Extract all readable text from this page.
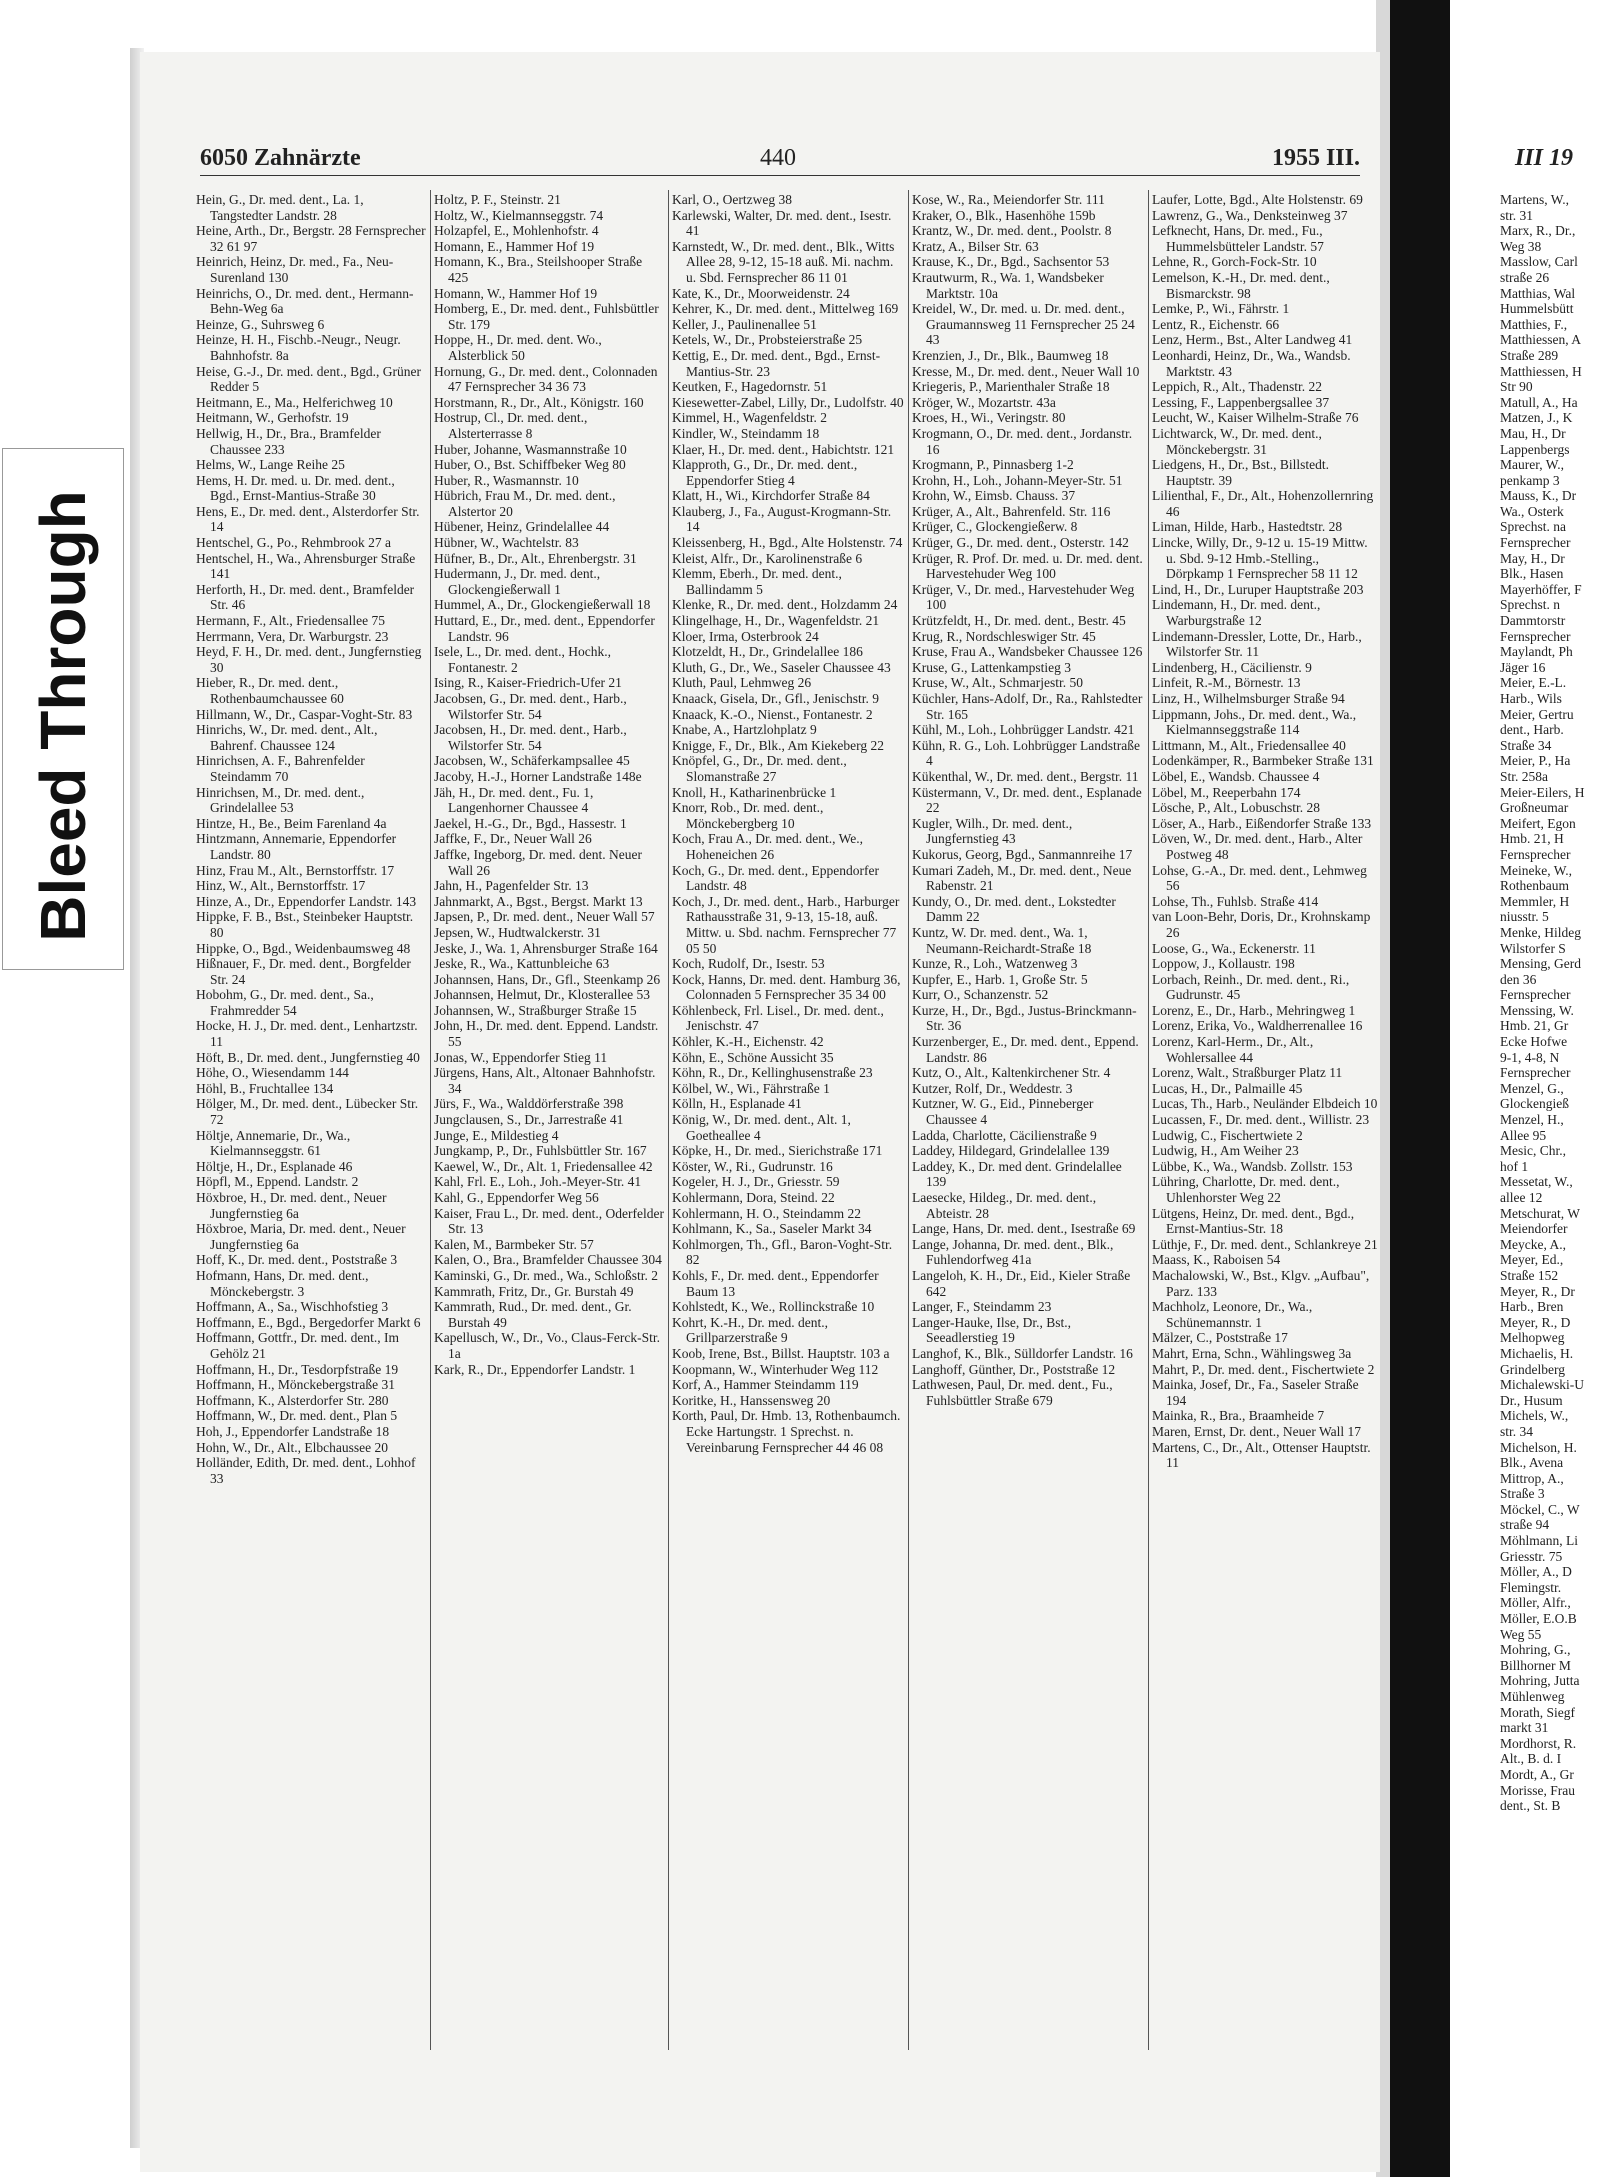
Bleed Through
6050 Zahnärzte	440	1955 III.	III 19

Hein, G., Dr. med. dent., La. 1, Tangstedter Landstr. 28

Heine, Arth., Dr., Bergstr. 28 Fernsprecher 32 61 97

Heinrich, Heinz, Dr. med., Fa., Neu-Surenland 130

Heinrichs, O., Dr. med. dent., Hermann-Behn-Weg 6a

Heinze, G., Suhrsweg 6

Heinze, H. H., Fischb.-Neugr., Neugr. Bahnhofstr. 8a

Heise, G.-J., Dr. med. dent., Bgd., Grüner Redder 5

Heitmann, E., Ma., Helferichweg 10

Heitmann, W., Gerhofstr. 19

Hellwig, H., Dr., Bra., Bramfelder Chaussee 233

Helms, W., Lange Reihe 25

Hems, H. Dr. med. u. Dr. med. dent., Bgd., Ernst-Mantius-Straße 30

Hens, E., Dr. med. dent., Alsterdorfer Str. 14

Hentschel, G., Po., Rehmbrook 27 a

Hentschel, H., Wa., Ahrensburger Straße 141

Herforth, H., Dr. med. dent., Bramfelder Str. 46

Hermann, F., Alt., Friedensallee 75

Herrmann, Vera, Dr. Warburgstr. 23

Heyd, F. H., Dr. med. dent., Jungfernstieg 30

Hieber, R., Dr. med. dent., Rothenbaumchaussee 60

Hillmann, W., Dr., Caspar-Voght-Str. 83

Hinrichs, W., Dr. med. dent., Alt., Bahrenf. Chaussee 124

Hinrichsen, A. F., Bahrenfelder Steindamm 70

Hinrichsen, M., Dr. med. dent., Grindelallee 53

Hintze, H., Be., Beim Farenland 4a

Hintzmann, Annemarie, Eppendorfer Landstr. 80

Hinz, Frau M., Alt., Bernstorffstr. 17

Hinz, W., Alt., Bernstorffstr. 17

Hinze, A., Dr., Eppendorfer Landstr. 143

Hippke, F. B., Bst., Steinbeker Hauptstr. 80

Hippke, O., Bgd., Weidenbaumsweg 48

Hißnauer, F., Dr. med. dent., Borgfelder Str. 24

Hobohm, G., Dr. med. dent., Sa., Frahmredder 54

Hocke, H. J., Dr. med. dent., Lenhartzstr. 11

Höft, B., Dr. med. dent., Jungfernstieg 40

Höhe, O., Wiesendamm 144

Höhl, B., Fruchtallee 134

Hölger, M., Dr. med. dent., Lübecker Str. 72

Höltje, Annemarie, Dr., Wa., Kielmannseggstr. 61

Höltje, H., Dr., Esplanade 46

Höpfl, M., Eppend. Landstr. 2

Höxbroe, H., Dr. med. dent., Neuer Jungfernstieg 6a

Höxbroe, Maria, Dr. med. dent., Neuer Jungfernstieg 6a

Hoff, K., Dr. med. dent., Poststraße 3

Hofmann, Hans, Dr. med. dent., Mönckebergstr. 3

Hoffmann, A., Sa., Wischhofstieg 3

Hoffmann, E., Bgd., Bergedorfer Markt 6

Hoffmann, Gottfr., Dr. med. dent., Im Gehölz 21

Hoffmann, H., Dr., Tesdorpfstraße 19

Hoffmann, H., Mönckebergstraße 31

Hoffmann, K., Alsterdorfer Str. 280

Hoffmann, W., Dr. med. dent., Plan 5

Hoh, J., Eppendorfer Landstraße 18

Hohn, W., Dr., Alt., Elbchaussee 20

Holländer, Edith, Dr. med. dent., Lohhof 33

Holtz, P. F., Steinstr. 21

Holtz, W., Kielmannseggstr. 74

Holzapfel, E., Mohlenhofstr. 4

Homann, E., Hammer Hof 19

Homann, K., Bra., Steilshooper Straße 425

Homann, W., Hammer Hof 19

Homberg, E., Dr. med. dent., Fuhlsbüttler Str. 179

Hoppe, H., Dr. med. dent. Wo., Alsterblick 50

Hornung, G., Dr. med. dent., Colonnaden 47 Fernsprecher 34 36 73

Horstmann, R., Dr., Alt., Königstr. 160

Hostrup, Cl., Dr. med. dent., Alsterterrasse 8

Huber, Johanne, Wasmannstraße 10

Huber, O., Bst. Schiffbeker Weg 80

Huber, R., Wasmannstr. 10

Hübrich, Frau M., Dr. med. dent., Alstertor 20

Hübener, Heinz, Grindelallee 44

Hübner, W., Wachtelstr. 83

Hüfner, B., Dr., Alt., Ehrenbergstr. 31

Hudermann, J., Dr. med. dent., Glockengießerwall 1

Hummel, A., Dr., Glockengießerwall 18

Huttard, E., Dr., med. dent., Eppendorfer Landstr. 96

Isele, L., Dr. med. dent., Hochk., Fontanestr. 2

Ising, R., Kaiser-Friedrich-Ufer 21

Jacobsen, G., Dr. med. dent., Harb., Wilstorfer Str. 54

Jacobsen, H., Dr. med. dent., Harb., Wilstorfer Str. 54

Jacobsen, W., Schäferkampsallee 45

Jacoby, H.-J., Horner Landstraße 148e

Jäh, H., Dr. med. dent., Fu. 1, Langenhorner Chaussee 4

Jaekel, H.-G., Dr., Bgd., Hassestr. 1

Jaffke, F., Dr., Neuer Wall 26

Jaffke, Ingeborg, Dr. med. dent. Neuer Wall 26

Jahn, H., Pagenfelder Str. 13

Jahnmarkt, A., Bgst., Bergst. Markt 13

Japsen, P., Dr. med. dent., Neuer Wall 57

Jepsen, W., Hudtwalckerstr. 31

Jeske, J., Wa. 1, Ahrensburger Straße 164

Jeske, R., Wa., Kattunbleiche 63

Johannsen, Hans, Dr., Gfl., Steenkamp 26

Johannsen, Helmut, Dr., Klosterallee 53

Johannsen, W., Straßburger Straße 15

John, H., Dr. med. dent. Eppend. Landstr. 55

Jonas, W., Eppendorfer Stieg 11

Jürgens, Hans, Alt., Altonaer Bahnhofstr. 34

Jürs, F., Wa., Walddörferstraße 398

Jungclausen, S., Dr., Jarrestraße 41

Junge, E., Mildestieg 4

Jungkamp, P., Dr., Fuhlsbüttler Str. 167

Kaewel, W., Dr., Alt. 1, Friedensallee 42

Kahl, Frl. E., Loh., Joh.-Meyer-Str. 41

Kahl, G., Eppendorfer Weg 56

Kaiser, Frau L., Dr. med. dent., Oderfelder Str. 13

Kalen, M., Barmbeker Str. 57

Kalen, O., Bra., Bramfelder Chaussee 304

Kaminski, G., Dr. med., Wa., Schloßstr. 2

Kammrath, Fritz, Dr., Gr. Burstah 49

Kammrath, Rud., Dr. med. dent., Gr. Burstah 49

Kapellusch, W., Dr., Vo., Claus-Ferck-Str. 1a

Kark, R., Dr., Eppendorfer Landstr. 1

Karl, O., Oertzweg 38

Karlewski, Walter, Dr. med. dent., Isestr. 41

Karnstedt, W., Dr. med. dent., Blk., Witts Allee 28, 9-12, 15-18 auß. Mi. nachm. u. Sbd. Fernsprecher 86 11 01

Kate, K., Dr., Moorweidenstr. 24

Kehrer, K., Dr. med. dent., Mittelweg 169

Keller, J., Paulinenallee 51

Ketels, W., Dr., Probsteierstraße 25

Kettig, E., Dr. med. dent., Bgd., Ernst-Mantius-Str. 23

Keutken, F., Hagedornstr. 51

Kiesewetter-Zabel, Lilly, Dr., Ludolfstr. 40

Kimmel, H., Wagenfeldstr. 2

Kindler, W., Steindamm 18

Klaer, H., Dr. med. dent., Habichtstr. 121

Klapproth, G., Dr., Dr. med. dent., Eppendorfer Stieg 4

Klatt, H., Wi., Kirchdorfer Straße 84

Klauberg, J., Fa., August-Krogmann-Str. 14

Kleissenberg, H., Bgd., Alte Holstenstr. 74

Kleist, Alfr., Dr., Karolinenstraße 6

Klemm, Eberh., Dr. med. dent., Ballindamm 5

Klenke, R., Dr. med. dent., Holzdamm 24

Klingelhage, H., Dr., Wagenfeldstr. 21

Kloer, Irma, Osterbrook 24

Klotzeldt, H., Dr., Grindelallee 186

Kluth, G., Dr., We., Saseler Chaussee 43

Kluth, Paul, Lehmweg 26

Knaack, Gisela, Dr., Gfl., Jenischstr. 9

Knaack, K.-O., Nienst., Fontanestr. 2

Knabe, A., Hartzlohplatz 9

Knigge, F., Dr., Blk., Am Kiekeberg 22

Knöpfel, G., Dr., Dr. med. dent., Slomanstraße 27

Knoll, H., Katharinenbrücke 1

Knorr, Rob., Dr. med. dent., Mönckebergberg 10

Koch, Frau A., Dr. med. dent., We., Hoheneichen 26

Koch, G., Dr. med. dent., Eppendorfer Landstr. 48

Koch, J., Dr. med. dent., Harb., Harburger Rathausstraße 31, 9-13, 15-18, auß. Mittw. u. Sbd. nachm. Fernsprecher 77 05 50

Koch, Rudolf, Dr., Isestr. 53

Kock, Hanns, Dr. med. dent. Hamburg 36, Colonnaden 5 Fernsprecher 35 34 00

Köhlenbeck, Frl. Lisel., Dr. med. dent., Jenischstr. 47

Köhler, K.-H., Eichenstr. 42

Köhn, E., Schöne Aussicht 35

Köhn, R., Dr., Kellinghusenstraße 23

Kölbel, W., Wi., Fährstraße 1

Kölln, H., Esplanade 41

König, W., Dr. med. dent., Alt. 1, Goetheallee 4

Köpke, H., Dr. med., Sierichstraße 171

Köster, W., Ri., Gudrunstr. 16

Kogeler, H. J., Dr., Griesstr. 59

Kohlermann, Dora, Steind. 22

Kohlermann, H. O., Steindamm 22

Kohlmann, K., Sa., Saseler Markt 34

Kohlmorgen, Th., Gfl., Baron-Voght-Str. 82

Kohls, F., Dr. med. dent., Eppendorfer Baum 13

Kohlstedt, K., We., Rollinckstraße 10

Kohrt, K.-H., Dr. med. dent., Grillparzerstraße 9

Koob, Irene, Bst., Billst. Hauptstr. 103 a

Koopmann, W., Winterhuder Weg 112

Korf, A., Hammer Steindamm 119

Koritke, H., Hanssensweg 20

Korth, Paul, Dr. Hmb. 13, Rothenbaumch. Ecke Hartungstr. 1 Sprechst. n. Vereinbarung Fernsprecher 44 46 08

Kose, W., Ra., Meiendorfer Str. 111

Kraker, O., Blk., Hasenhöhe 159b

Krantz, W., Dr. med. dent., Poolstr. 8

Kratz, A., Bilser Str. 63

Krause, K., Dr., Bgd., Sachsentor 53

Krautwurm, R., Wa. 1, Wandsbeker Marktstr. 10a

Kreidel, W., Dr. med. u. Dr. med. dent., Graumannsweg 11 Fernsprecher 25 24 43

Krenzien, J., Dr., Blk., Baumweg 18

Kresse, M., Dr. med. dent., Neuer Wall 10

Kriegeris, P., Marienthaler Straße 18

Kröger, W., Mozartstr. 43a

Kroes, H., Wi., Veringstr. 80

Krogmann, O., Dr. med. dent., Jordanstr. 16

Krogmann, P., Pinnasberg 1-2

Krohn, H., Loh., Johann-Meyer-Str. 51

Krohn, W., Eimsb. Chauss. 37

Krüger, A., Alt., Bahrenfeld. Str. 116

Krüger, C., Glockengießerw. 8

Krüger, G., Dr. med. dent., Osterstr. 142

Krüger, R. Prof. Dr. med. u. Dr. med. dent. Harvestehuder Weg 100

Krüger, V., Dr. med., Harvestehuder Weg 100

Krützfeldt, H., Dr. med. dent., Bestr. 45

Krug, R., Nordschleswiger Str. 45

Kruse, Frau A., Wandsbeker Chaussee 126

Kruse, G., Lattenkampstieg 3

Kruse, W., Alt., Schmarjestr. 50

Küchler, Hans-Adolf, Dr., Ra., Rahlstedter Str. 165

Kühl, M., Loh., Lohbrügger Landstr. 421

Kühn, R. G., Loh. Lohbrügger Landstraße 4

Kükenthal, W., Dr. med. dent., Bergstr. 11

Küstermann, V., Dr. med. dent., Esplanade 22

Kugler, Wilh., Dr. med. dent., Jungfernstieg 43

Kukorus, Georg, Bgd., Sanmannreihe 17

Kumari Zadeh, M., Dr. med. dent., Neue Rabenstr. 21

Kundy, O., Dr. med. dent., Lokstedter Damm 22

Kuntz, W. Dr. med. dent., Wa. 1, Neumann-Reichardt-Straße 18

Kunze, R., Loh., Watzenweg 3

Kupfer, E., Harb. 1, Große Str. 5

Kurr, O., Schanzenstr. 52

Kurze, H., Dr., Bgd., Justus-Brinckmann-Str. 36

Kurzenberger, E., Dr. med. dent., Eppend. Landstr. 86

Kutz, O., Alt., Kaltenkirchener Str. 4

Kutzer, Rolf, Dr., Weddestr. 3

Kutzner, W. G., Eid., Pinneberger Chaussee 4

Ladda, Charlotte, Cäcilienstraße 9

Laddey, Hildegard, Grindelallee 139

Laddey, K., Dr. med dent. Grindelallee 139

Laesecke, Hildeg., Dr. med. dent., Abteistr. 28

Lange, Hans, Dr. med. dent., Isestraße 69

Lange, Johanna, Dr. med. dent., Blk., Fuhlendorfweg 41a

Langeloh, K. H., Dr., Eid., Kieler Straße 642

Langer, F., Steindamm 23

Langer-Hauke, Ilse, Dr., Bst., Seeadlerstieg 19

Langhof, K., Blk., Sülldorfer Landstr. 16

Langhoff, Günther, Dr., Poststraße 12

Lathwesen, Paul, Dr. med. dent., Fu., Fuhlsbüttler Straße 679

Laufer, Lotte, Bgd., Alte Holstenstr. 69

Lawrenz, G., Wa., Denksteinweg 37

Lefknecht, Hans, Dr. med., Fu., Hummelsbütteler Landstr. 57

Lehne, R., Gorch-Fock-Str. 10

Lemelson, K.-H., Dr. med. dent., Bismarckstr. 98

Lemke, P., Wi., Fährstr. 1

Lentz, R., Eichenstr. 66

Lenz, Herm., Bst., Alter Landweg 41

Leonhardi, Heinz, Dr., Wa., Wandsb. Marktstr. 43

Leppich, R., Alt., Thadenstr. 22

Lessing, F., Lappenbergsallee 37

Leucht, W., Kaiser Wilhelm-Straße 76

Lichtwarck, W., Dr. med. dent., Mönckebergstr. 31

Liedgens, H., Dr., Bst., Billstedt. Hauptstr. 39

Lilienthal, F., Dr., Alt., Hohenzollernring 46

Liman, Hilde, Harb., Hastedtstr. 28

Lincke, Willy, Dr., 9-12 u. 15-19 Mittw. u. Sbd. 9-12 Hmb.-Stelling., Dörpkamp 1 Fernsprecher 58 11 12

Lind, H., Dr., Luruper Hauptstraße 203

Lindemann, H., Dr. med. dent., Warburgstraße 12

Lindemann-Dressler, Lotte, Dr., Harb., Wilstorfer Str. 11

Lindenberg, H., Cäcilienstr. 9

Linfeit, R.-M., Börnestr. 13

Linz, H., Wilhelmsburger Straße 94

Lippmann, Johs., Dr. med. dent., Wa., Kielmannseggstraße 114

Littmann, M., Alt., Friedensallee 40

Lodenkämper, R., Barmbeker Straße 131

Löbel, E., Wandsb. Chaussee 4

Löbel, M., Reeperbahn 174

Lösche, P., Alt., Lobuschstr. 28

Löser, A., Harb., Eißendorfer Straße 133

Löven, W., Dr. med. dent., Harb., Alter Postweg 48

Lohse, G.-A., Dr. med. dent., Lehmweg 56

Lohse, Th., Fuhlsb. Straße 414

van Loon-Behr, Doris, Dr., Krohnskamp 26

Loose, G., Wa., Eckenerstr. 11

Loppow, J., Kollaustr. 198

Lorbach, Reinh., Dr. med. dent., Ri., Gudrunstr. 45

Lorenz, E., Dr., Harb., Mehringweg 1

Lorenz, Erika, Vo., Waldherrenallee 16

Lorenz, Karl-Herm., Dr., Alt., Wohlersallee 44

Lorenz, Walt., Straßburger Platz 11

Lucas, H., Dr., Palmaille 45

Lucas, Th., Harb., Neuländer Elbdeich 10

Lucassen, F., Dr. med. dent., Willistr. 23

Ludwig, C., Fischertwiete 2

Ludwig, H., Am Weiher 23

Lübbe, K., Wa., Wandsb. Zollstr. 153

Lühring, Charlotte, Dr. med. dent., Uhlenhorster Weg 22

Lütgens, Heinz, Dr. med. dent., Bgd., Ernst-Mantius-Str. 18

Lüthje, F., Dr. med. dent., Schlankreye 21

Maass, K., Raboisen 54

Machalowski, W., Bst., Klgv. „Aufbau", Parz. 133

Machholz, Leonore, Dr., Wa., Schünemannstr. 1

Mälzer, C., Poststraße 17

Mahrt, Erna, Schn., Wählingsweg 3a

Mahrt, P., Dr. med. dent., Fischertwiete 2

Mainka, Josef, Dr., Fa., Saseler Straße 194

Mainka, R., Bra., Braamheide 7

Maren, Ernst, Dr. dent., Neuer Wall 17

Martens, C., Dr., Alt., Ottenser Hauptstr. 11

Martens, W.,

str. 31

Marx, R., Dr.,

Weg 38

Masslow, Carl

straße 26

Matthias, Wal

Hummelsbütt

Matthies, F.,

Matthiessen, A

Straße 289

Matthiessen, H

Str 90

Matull, A., Ha

Matzen, J., K

Mau, H., Dr

Lappenbergs

Maurer, W.,

penkamp 3

Mauss, K., Dr

Wa., Osterk

Sprechst. na

Fernsprecher

May, H., Dr

Blk., Hasen

Mayerhöffer, F

Sprechst. n

Dammtorstr

Fernsprecher

Maylandt, Ph

Jäger 16

Meier, E.-L.

Harb., Wils

Meier, Gertru

dent., Harb.

Straße 34

Meier, P., Ha

Str. 258a

Meier-Eilers, H

Großneumar

Meifert, Egon

Hmb. 21, H

Fernsprecher

Meineke, W.,

Rothenbaum

Memmler, H

niusstr. 5

Menke, Hildeg

Wilstorfer S

Mensing, Gerd

den 36

Fernsprecher

Menssing, W.

Hmb. 21, Gr

Ecke Hofwe

9-1, 4-8, N

Fernsprecher

Menzel, G.,

Glockengieß

Menzel, H.,

Allee 95

Mesic, Chr.,

hof 1

Messetat, W.,

allee 12

Metschurat, W

Meiendorfer

Meycke, A.,

Meyer, Ed.,

Straße 152

Meyer, R., Dr

Harb., Bren

Meyer, R., D

Melhopweg

Michaelis, H.

Grindelberg

Michalewski-U

Dr., Husum

Michels, W.,

str. 34

Michelson, H.

Blk., Avena

Mittrop, A.,

Straße 3

Möckel, C., W

straße 94

Möhlmann, Li

Griesstr. 75

Möller, A., D

Flemingstr.

Möller, Alfr.,

Möller, E.O.B

Weg 55

Mohring, G.,

Billhorner M

Mohring, Jutta

Mühlenweg

Morath, Siegf

markt 31

Mordhorst, R.

Alt., B. d. I

Mordt, A., Gr

Morisse, Frau

dent., St. B
